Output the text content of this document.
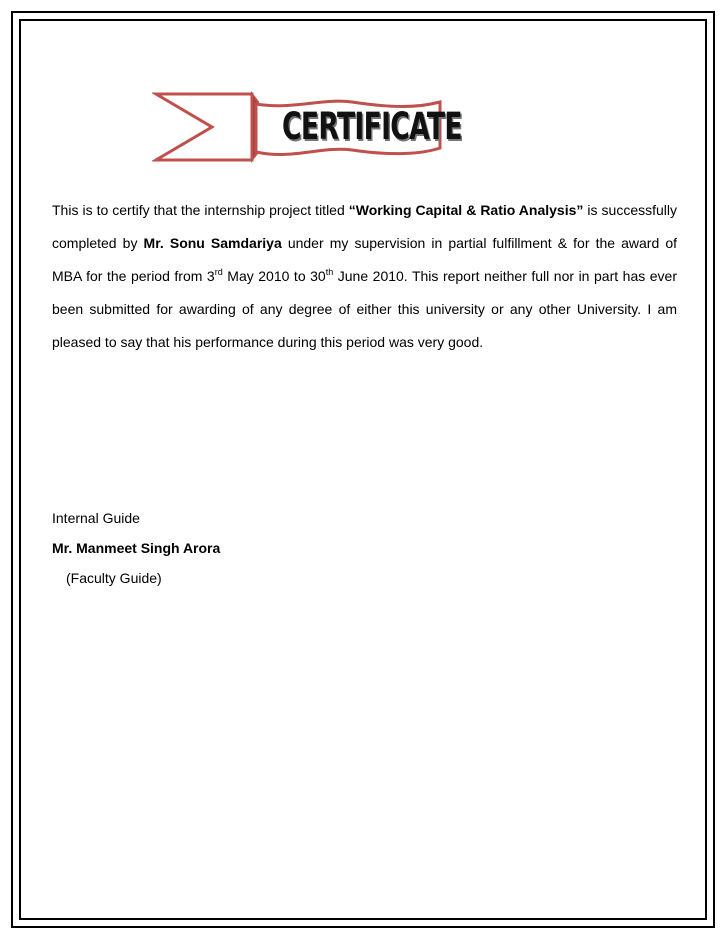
CERTIFICATE

This is to certify that the internship project titled “Working Capital & Ratio Analysis” is successfully completed by Mr. Sonu Samdariya under my supervision in partial fulfillment & for the award of MBA for the period from 3rd May 2010 to 30th June 2010. This report neither full nor in part has ever been submitted for awarding of any degree of either this university or any other University. I am pleased to say that his performance during this period was very good.

Internal Guide
Mr. Manmeet Singh Arora
(Faculty Guide)
